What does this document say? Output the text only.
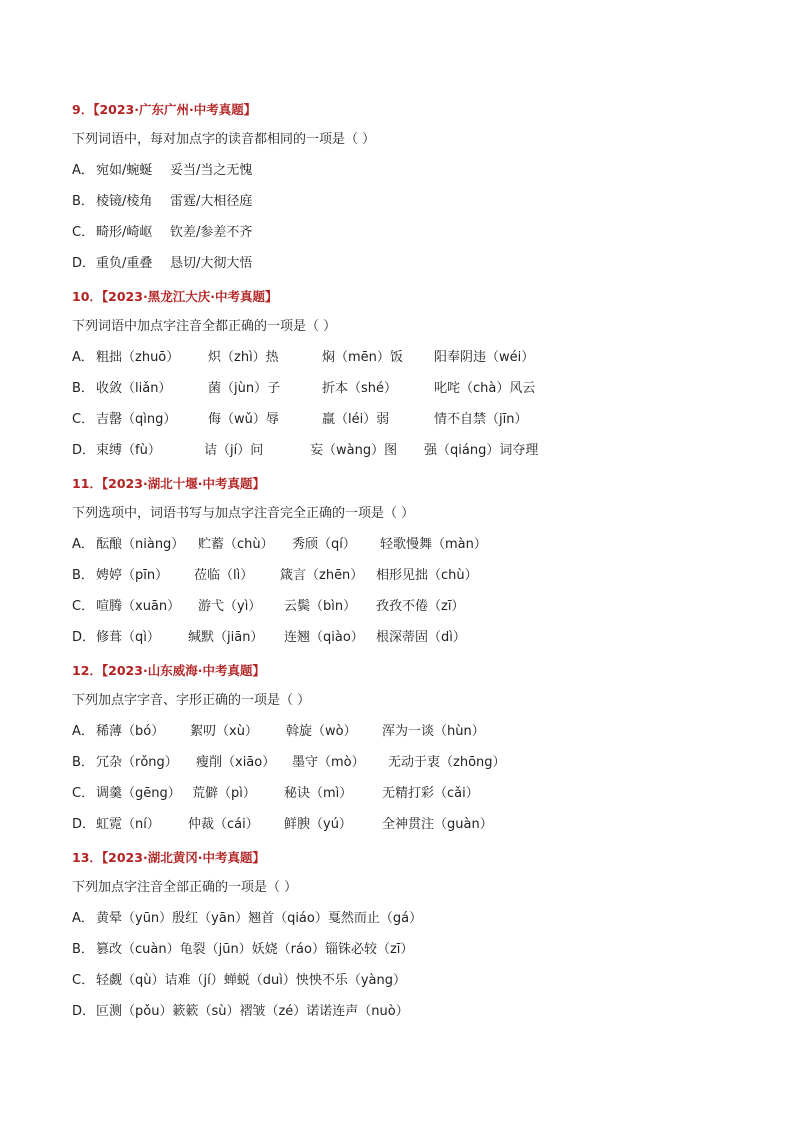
9．【2023·广东广州·中考真题】
下列词语中，每对加点字的读音都相同的一项是（ ）
A． 宛如/蜿蜒 妥当/当之无愧
B． 棱镜/棱角 雷霆/大相径庭
C． 畸形/崎岖 钦差/参差不齐
D．重负/重叠 恳切/大彻大悟
10．【2023·黑龙江大庆·中考真题】
下列词语中加点字注音全都正确的一项是（ ）
A． 粗拙（zhuō） 炽（zhì）热	焖（mēn）饭 阳奉阴违（wéi）
B． 收敛（liǎn）	菌（jùn）子	折本（shé）	叱咤（chà）风云
C． 吉罄（qìng） 侮（wǔ）辱	羸（léi）弱	情不自禁（jīn）
D．束缚（fù）	诘（jí）问	妄（wàng）图 强（qiáng）词夺理
11．【2023·湖北十堰·中考真题】
下列选项中，词语书写与加点字注音完全正确的一项是（ ）
A． 酝酿（niàng） 贮蓄（chù） 秀颀（qí） 轻歌慢舞（màn）
B． 娉婷（pīn） 莅临（lì） 箴言（zhēn） 相形见拙（chù）
C． 喧腾（xuān） 游弋（yì） 云鬓（bìn） 孜孜不倦（zī）
D．修葺（qì） 缄默（jiān） 连翘（qiào） 根深蒂固（dì）
12．【2023·山东威海·中考真题】
下列加点字字音、字形正确的一项是（ ）
A． 稀薄（bó） 絮叨（xù） 斡旋（wò） 浑为一谈（hùn）
B． 冗杂（rǒng） 瘦削（xiāo） 墨守（mò） 无动于衷（zhōng）
C． 调羹（gēng） 荒僻（pì） 秘诀（mì） 无精打彩（cǎi）
D．虹霓（ní） 仲裁（cái） 鲜腴（yú） 全神贯注（guàn）
13．【2023·湖北黄冈·中考真题】
下列加点字注音全部正确的一项是（ ）
A． 黄晕（yūn）殷红（yān）翘首（qiáo）戛然而止（gá）
B． 篡改（cuàn）龟裂（jūn）妖娆（ráo）锱铢必较（zī）
C． 轻觑（qù）诘难（jí）蝉蜕（duì）怏怏不乐（yàng）
D．叵测（pǒu）簌簌（sù）褶皱（zé）诺诺连声（nuò）
